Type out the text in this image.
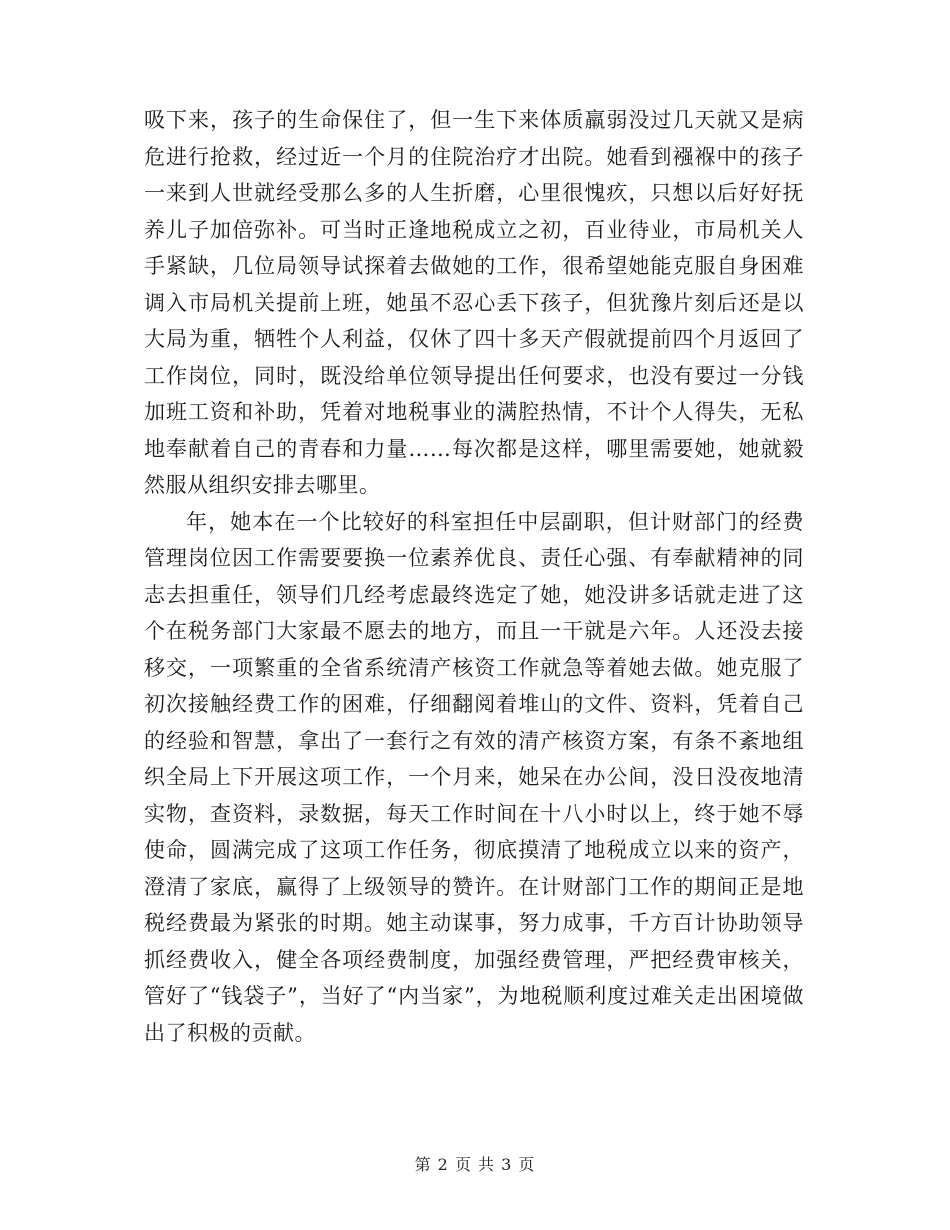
吸下来，孩子的生命保住了，但一生下来体质羸弱没过几天就又是病危进行抢救，经过近一个月的住院治疗才出院。她看到襁褓中的孩子一来到人世就经受那么多的人生折磨，心里很愧疚，只想以后好好抚养儿子加倍弥补。可当时正逢地税成立之初，百业待业，市局机关人手紧缺，几位局领导试探着去做她的工作，很希望她能克服自身困难调入市局机关提前上班，她虽不忍心丢下孩子，但犹豫片刻后还是以大局为重，牺牲个人利益，仅休了四十多天产假就提前四个月返回了工作岗位，同时，既没给单位领导提出任何要求，也没有要过一分钱加班工资和补助，凭着对地税事业的满腔热情，不计个人得失，无私地奉献着自己的青春和力量……每次都是这样，哪里需要她，她就毅然服从组织安排去哪里。

年，她本在一个比较好的科室担任中层副职，但计财部门的经费管理岗位因工作需要要换一位素养优良、责任心强、有奉献精神的同志去担重任，领导们几经考虑最终选定了她，她没讲多话就走进了这个在税务部门大家最不愿去的地方，而且一干就是六年。人还没去接移交，一项繁重的全省系统清产核资工作就急等着她去做。她克服了初次接触经费工作的困难，仔细翻阅着堆山的文件、资料，凭着自己的经验和智慧，拿出了一套行之有效的清产核资方案，有条不紊地组织全局上下开展这项工作，一个月来，她呆在办公间，没日没夜地清实物，查资料，录数据，每天工作时间在十八小时以上，终于她不辱使命，圆满完成了这项工作任务，彻底摸清了地税成立以来的资产，澄清了家底，赢得了上级领导的赞许。在计财部门工作的期间正是地税经费最为紧张的时期。她主动谋事，努力成事，千方百计协助领导抓经费收入，健全各项经费制度，加强经费管理，严把经费审核关，管好了“钱袋子”，当好了“内当家”，为地税顺利度过难关走出困境做出了积极的贡献。

第 2 页 共 3 页
